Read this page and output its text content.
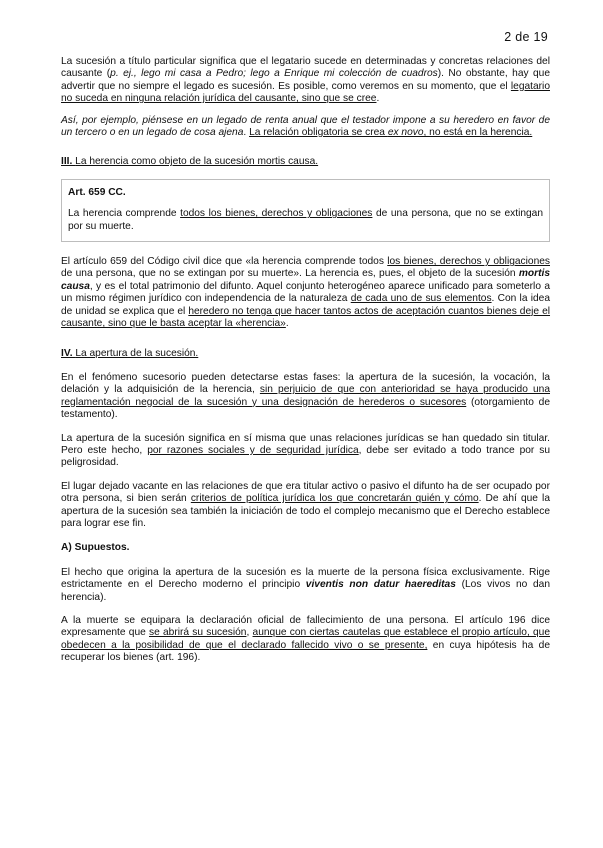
2 de 19

La sucesión a título particular significa que el legatario sucede en determinadas y concretas relaciones del causante (p. ej., lego mi casa a Pedro; lego a Enrique mi colección de cuadros). No obstante, hay que advertir que no siempre el legado es sucesión. Es posible, como veremos en su momento, que el legatario no suceda en ninguna relación jurídica del causante, sino que se cree.

Así, por ejemplo, piénsese en un legado de renta anual que el testador impone a su heredero en favor de un tercero o en un legado de cosa ajena. La relación obligatoria se crea ex novo, no está en la herencia.

III. La herencia como objeto de la sucesión mortis causa.

Art. 659 CC.

La herencia comprende todos los bienes, derechos y obligaciones de una persona, que no se extingan por su muerte.

El artículo 659 del Código civil dice que «la herencia comprende todos los bienes, derechos y obligaciones de una persona, que no se extingan por su muerte». La herencia es, pues, el objeto de la sucesión mortis causa, y es el total patrimonio del difunto. Aquel conjunto heterogéneo aparece unificado para someterlo a un mismo régimen jurídico con independencia de la naturaleza de cada uno de sus elementos. Con la idea de unidad se explica que el heredero no tenga que hacer tantos actos de aceptación cuantos bienes deje el causante, sino que le basta aceptar la «herencia».

IV. La apertura de la sucesión.

En el fenómeno sucesorio pueden detectarse estas fases: la apertura de la sucesión, la vocación, la delación y la adquisición de la herencia, sin perjuicio de que con anterioridad se haya producido una reglamentación negocial de la sucesión y una designación de herederos o sucesores (otorgamiento de testamento).

La apertura de la sucesión significa en sí misma que unas relaciones jurídicas se han quedado sin titular. Pero este hecho, por razones sociales y de seguridad jurídica, debe ser evitado a todo trance por su peligrosidad.

El lugar dejado vacante en las relaciones de que era titular activo o pasivo el difunto ha de ser ocupado por otra persona, si bien serán criterios de política jurídica los que concretarán quién y cómo. De ahí que la apertura de la sucesión sea también la iniciación de todo el complejo mecanismo que el Derecho establece para lograr ese fin.

A) Supuestos.

El hecho que origina la apertura de la sucesión es la muerte de la persona física exclusivamente. Rige estrictamente en el Derecho moderno el principio viventis non datur haereditas (Los vivos no dan herencia).

A la muerte se equipara la declaración oficial de fallecimiento de una persona. El artículo 196 dice expresamente que se abrirá su sucesión, aunque con ciertas cautelas que establece el propio artículo, que obedecen a la posibilidad de que el declarado fallecido vivo o se presente, en cuya hipótesis ha de recuperar los bienes (art. 196).
